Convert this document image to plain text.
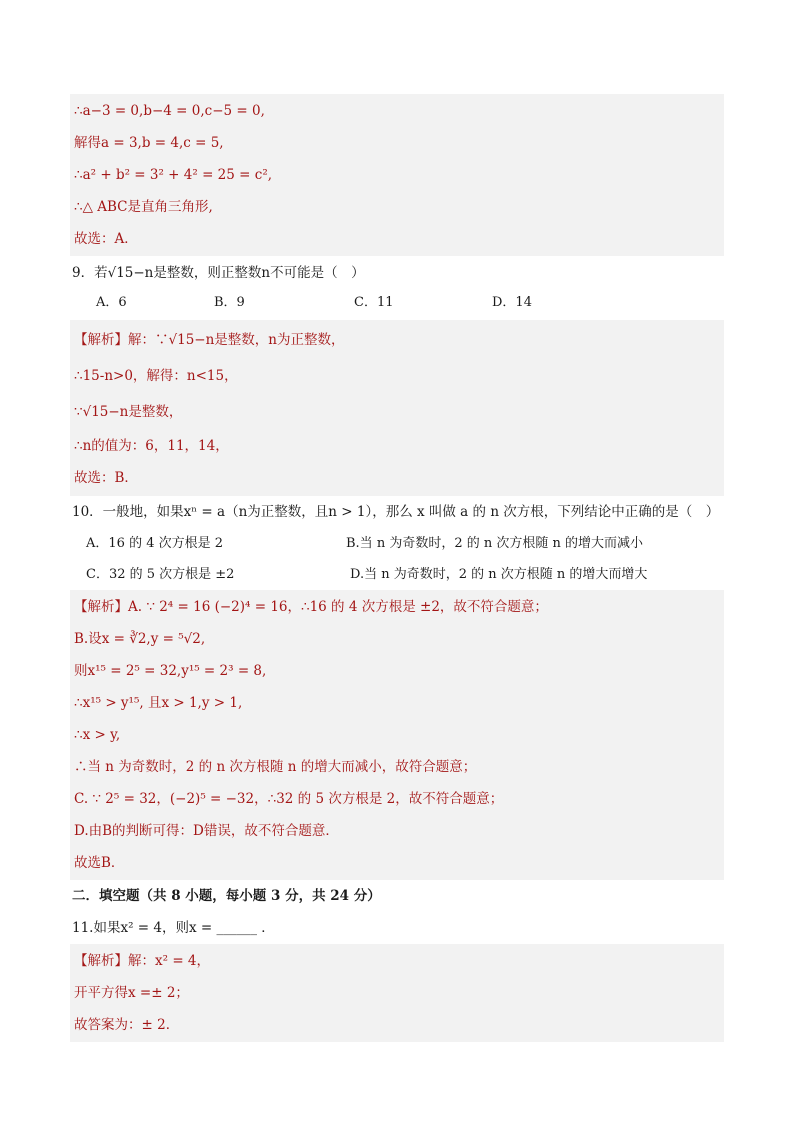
∴a−3 = 0,b−4 = 0,c−5 = 0,
解得a = 3,b = 4,c = 5,
∴a² + b² = 3² + 4² = 25 = c²,
∴△ ABC是直角三角形,
故选：A．
9．若√15−n是整数，则正整数n不可能是（　）
A．6	B．9	C．11	D．14
【解析】解：∵√15−n是整数，n为正整数，
∴15-n>0，解得：n<15，
∵√15−n是整数，
∴n的值为：6，11，14，
故选：B．
10．一般地，如果xⁿ = a（n为正整数，且n > 1），那么 x 叫做 a 的 n 次方根，下列结论中正确的是（　）
A．16 的 4 次方根是 2	B.当 n 为奇数时，2 的 n 次方根随 n 的增大而减小
C．32 的 5 次方根是 ±2	D.当 n 为奇数时，2 的 n 次方根随 n 的增大而增大
【解析】A. ∵ 2⁴ = 16 (−2)⁴ = 16，∴16 的 4 次方根是 ±2，故不符合题意；
B.设x = ∛2,y = ⁵√2,
则x¹⁵ = 2⁵ = 32,y¹⁵ = 2³ = 8,
∴x¹⁵ > y¹⁵, 且x > 1,y > 1,
∴x > y,
∴当 n 为奇数时，2 的 n 次方根随 n 的增大而减小，故符合题意；
C. ∵ 2⁵ = 32，(−2)⁵ = −32，∴32 的 5 次方根是 2，故不符合题意；
D.由B的判断可得：D错误，故不符合题意．
故选B．
二．填空题（共 8 小题，每小题 3 分，共 24 分）
11.如果x² = 4，则x = ______ ．
【解析】解：x² = 4，
开平方得x =± 2；
故答案为：± 2．
